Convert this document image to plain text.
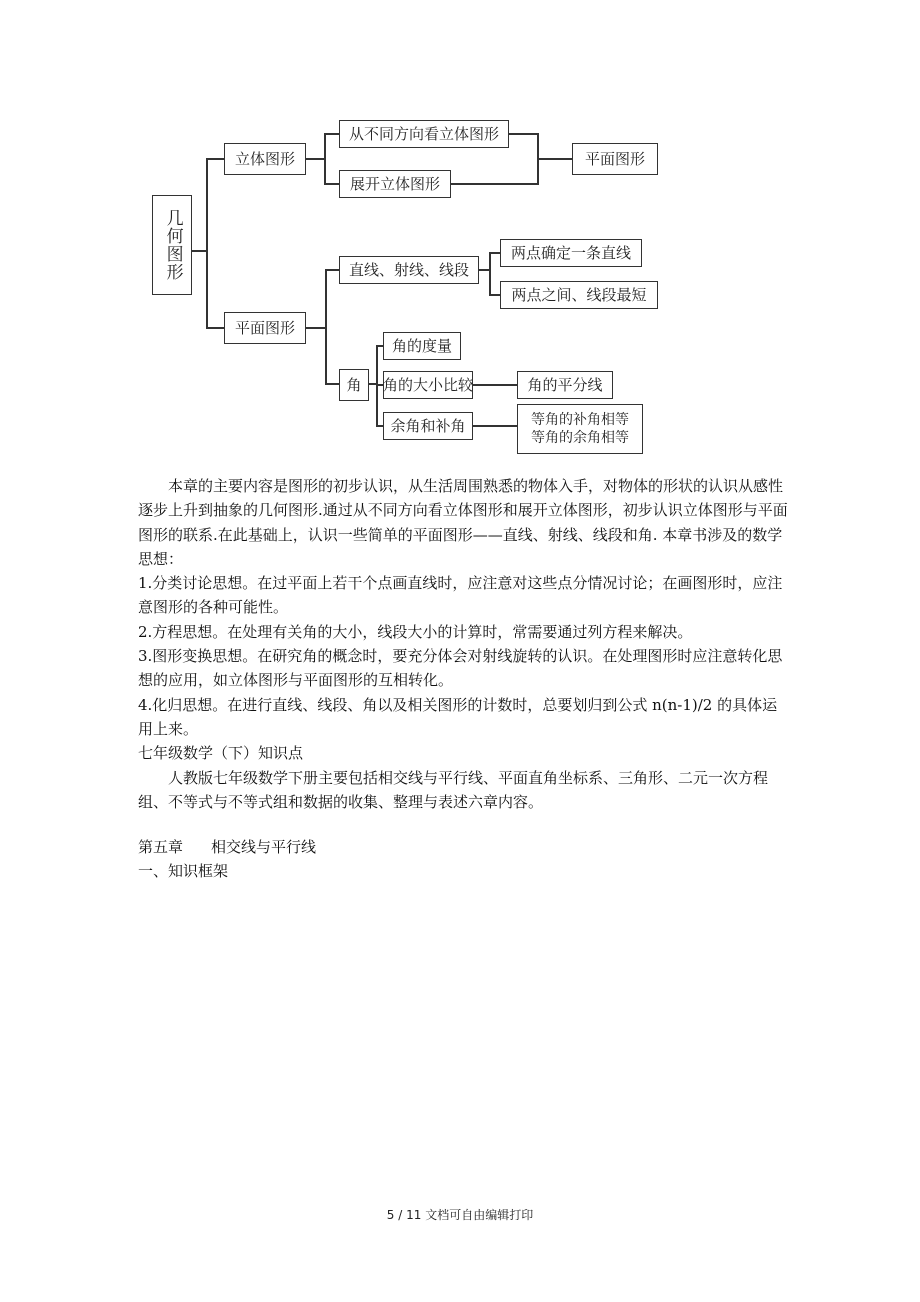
几何图形
立体图形
从不同方向看立体图形
展开立体图形
平面图形
平面图形
直线、射线、线段
两点确定一条直线
两点之间、线段最短
角
角的度量
角的大小比较	角的平分线
余角和补角	等角的补角相等
等角的余角相等

本章的主要内容是图形的初步认识，从生活周围熟悉的物体入手，对物体的形状的认识从感性逐步上升到抽象的几何图形.通过从不同方向看立体图形和展开立体图形，初步认识立体图形与平面图形的联系.在此基础上，认识一些简单的平面图形——直线、射线、线段和角. 本章书涉及的数学思想：

1.分类讨论思想。在过平面上若干个点画直线时，应注意对这些点分情况讨论；在画图形时，应注意图形的各种可能性。

2.方程思想。在处理有关角的大小，线段大小的计算时，常需要通过列方程来解决。

3.图形变换思想。在研究角的概念时，要充分体会对射线旋转的认识。在处理图形时应注意转化思想的应用，如立体图形与平面图形的互相转化。

4.化归思想。在进行直线、线段、角以及相关图形的计数时，总要划归到公式 n(n-1)/2 的具体运用上来。

七年级数学（下）知识点

人教版七年级数学下册主要包括相交线与平行线、平面直角坐标系、三角形、二元一次方程组、不等式与不等式组和数据的收集、整理与表述六章内容。

第五章 相交线与平行线

一、知识框架

5 / 11 文档可自由编辑打印
